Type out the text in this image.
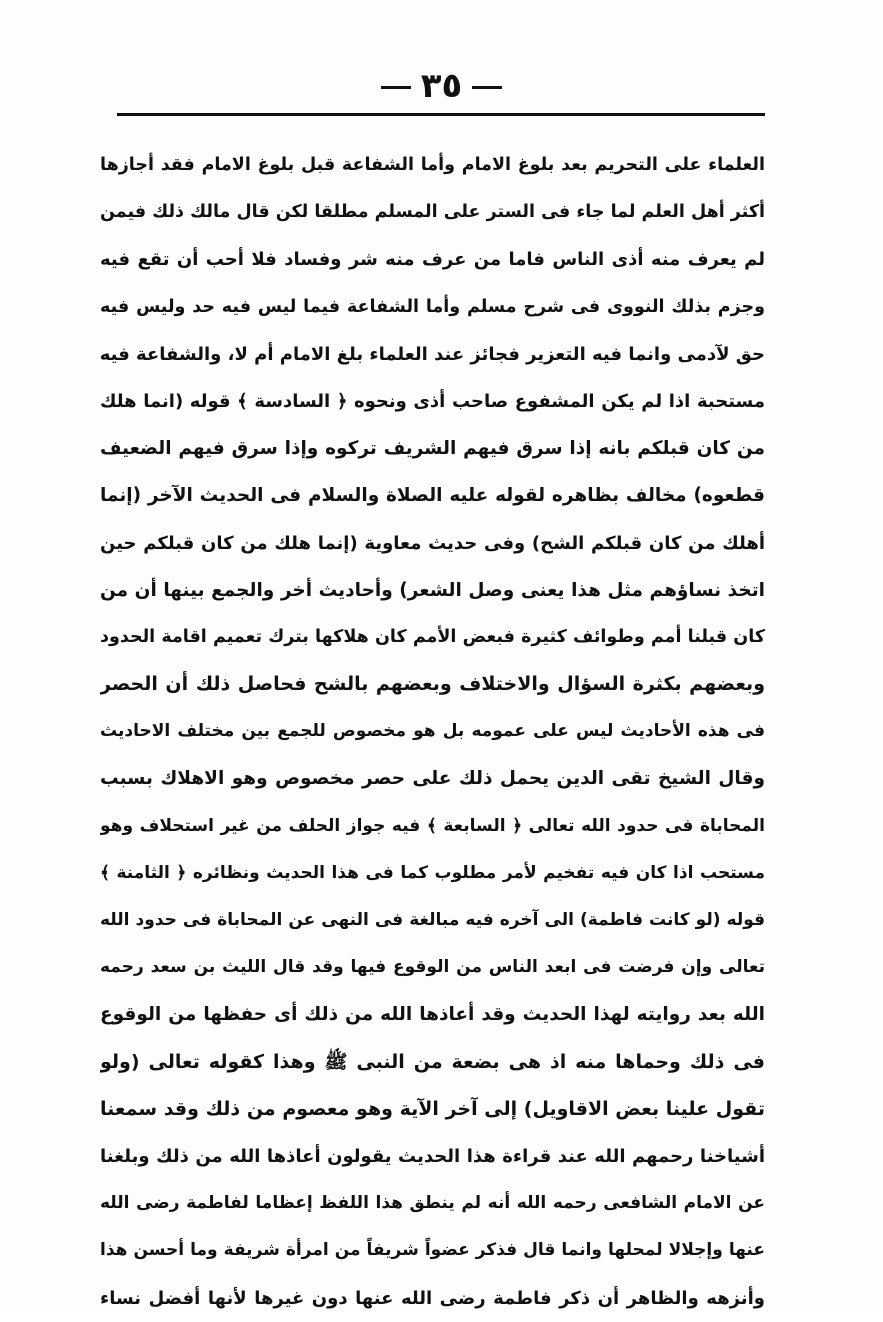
٣٥
العلماء على التحريم بعد بلوغ الامام وأما الشفاعة قبل بلوغ الامام فقد أجازها
أكثر أهل العلم لما جاء فى الستر على المسلم مطلقا لكن قال مالك ذلك فيمن
لم يعرف منه أذى الناس فاما من عرف منه شر وفساد فلا أحب أن تقع فيه
وجزم بذلك النووى فى شرح مسلم وأما الشفاعة فيما ليس فيه حد وليس فيه
حق لآدمى وانما فيه التعزير فجائز عند العلماء بلغ الامام أم لا، والشفاعة فيه
مستحبة اذا لم يكن المشفوع صاحب أذى ونحوه ﴿ السادسة ﴾ قوله (انما هلك
من كان قبلكم بانه إذا سرق فيهم الشريف تركوه وإذا سرق فيهم الضعيف
قطعوه) مخالف بظاهره لقوله عليه الصلاة والسلام فى الحديث الآخر (إنما
أهلك من كان قبلكم الشح) وفى حديث معاوية (إنما هلك من كان قبلكم حين
اتخذ نساؤهم مثل هذا يعنى وصل الشعر) وأحاديث أخر والجمع بينها أن من
كان قبلنا أمم وطوائف كثيرة فبعض الأمم كان هلاكها بترك تعميم اقامة الحدود
وبعضهم بكثرة السؤال والاختلاف وبعضهم بالشح فحاصل ذلك أن الحصر
فى هذه الأحاديث ليس على عمومه بل هو مخصوص للجمع بين مختلف الاحاديث
وقال الشيخ تقى الدين يحمل ذلك على حصر مخصوص وهو الاهلاك بسبب
المحاباة فى حدود الله تعالى ﴿ السابعة ﴾ فيه جواز الحلف من غير استحلاف وهو
مستحب اذا كان فيه تفخيم لأمر مطلوب كما فى هذا الحديث ونظائره ﴿ الثامنة ﴾
قوله (لو كانت فاطمة) الى آخره فيه مبالغة فى النهى عن المحاباة فى حدود الله
تعالى وإن فرضت فى ابعد الناس من الوقوع فيها وقد قال الليث بن سعد رحمه
الله بعد روايته لهذا الحديث وقد أعاذها الله من ذلك أى حفظها من الوقوع
فى ذلك وحماها منه اذ هى بضعة من النبى ﷺ وهذا كقوله تعالى (ولو
تقول علينا بعض الاقاويل) إلى آخر الآية وهو معصوم من ذلك وقد سمعنا
أشياخنا رحمهم الله عند قراءة هذا الحديث يقولون أعاذها الله من ذلك وبلغنا
عن الامام الشافعى رحمه الله أنه لم ينطق هذا اللفظ إعظاما لفاطمة رضى الله
عنها وإجلالا لمحلها وانما قال فذكر عضواً شريفاً من امرأة شريفة وما أحسن هذا
وأنزهه والظاهر أن ذكر فاطمة رضى الله عنها دون غيرها لأنها أفضل نساء
